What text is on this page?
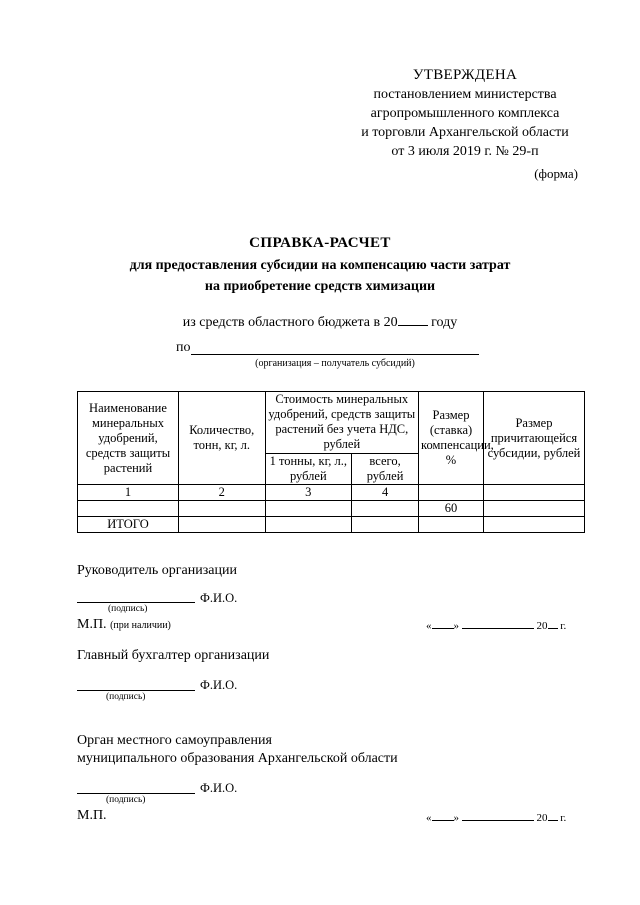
УТВЕРЖДЕНА
постановлением министерства
агропромышленного комплекса
и торговли Архангельской области
от 3 июля 2019 г. № 29-п
(форма)
СПРАВКА-РАСЧЕТ
для предоставления субсидии на компенсацию части затрат
на приобретение средств химизации
из средств областного бюджета в 20 году
по
(организация – получатель субсидий)
Наименование минеральных удобрений, средств защиты растений	Количество, тонн, кг, л.	Стоимость минеральных удобрений, средств защиты растений без учета НДС, рублей		Размер (ставка) компенсации, %	Размер причитающейся субсидии, рублей
		1 тонны, кг, л., рублей	всего, рублей		
1	2	3	4		
				60	
ИТОГО					
Руководитель организации
Ф.И.О.
(подпись)
М.П. (при наличии)	« »	20 г.
Главный бухгалтер организации
Ф.И.О.
(подпись)
Орган местного самоуправления
муниципального образования Архангельской области
Ф.И.О.
(подпись)
М.П.	« »	20 г.
